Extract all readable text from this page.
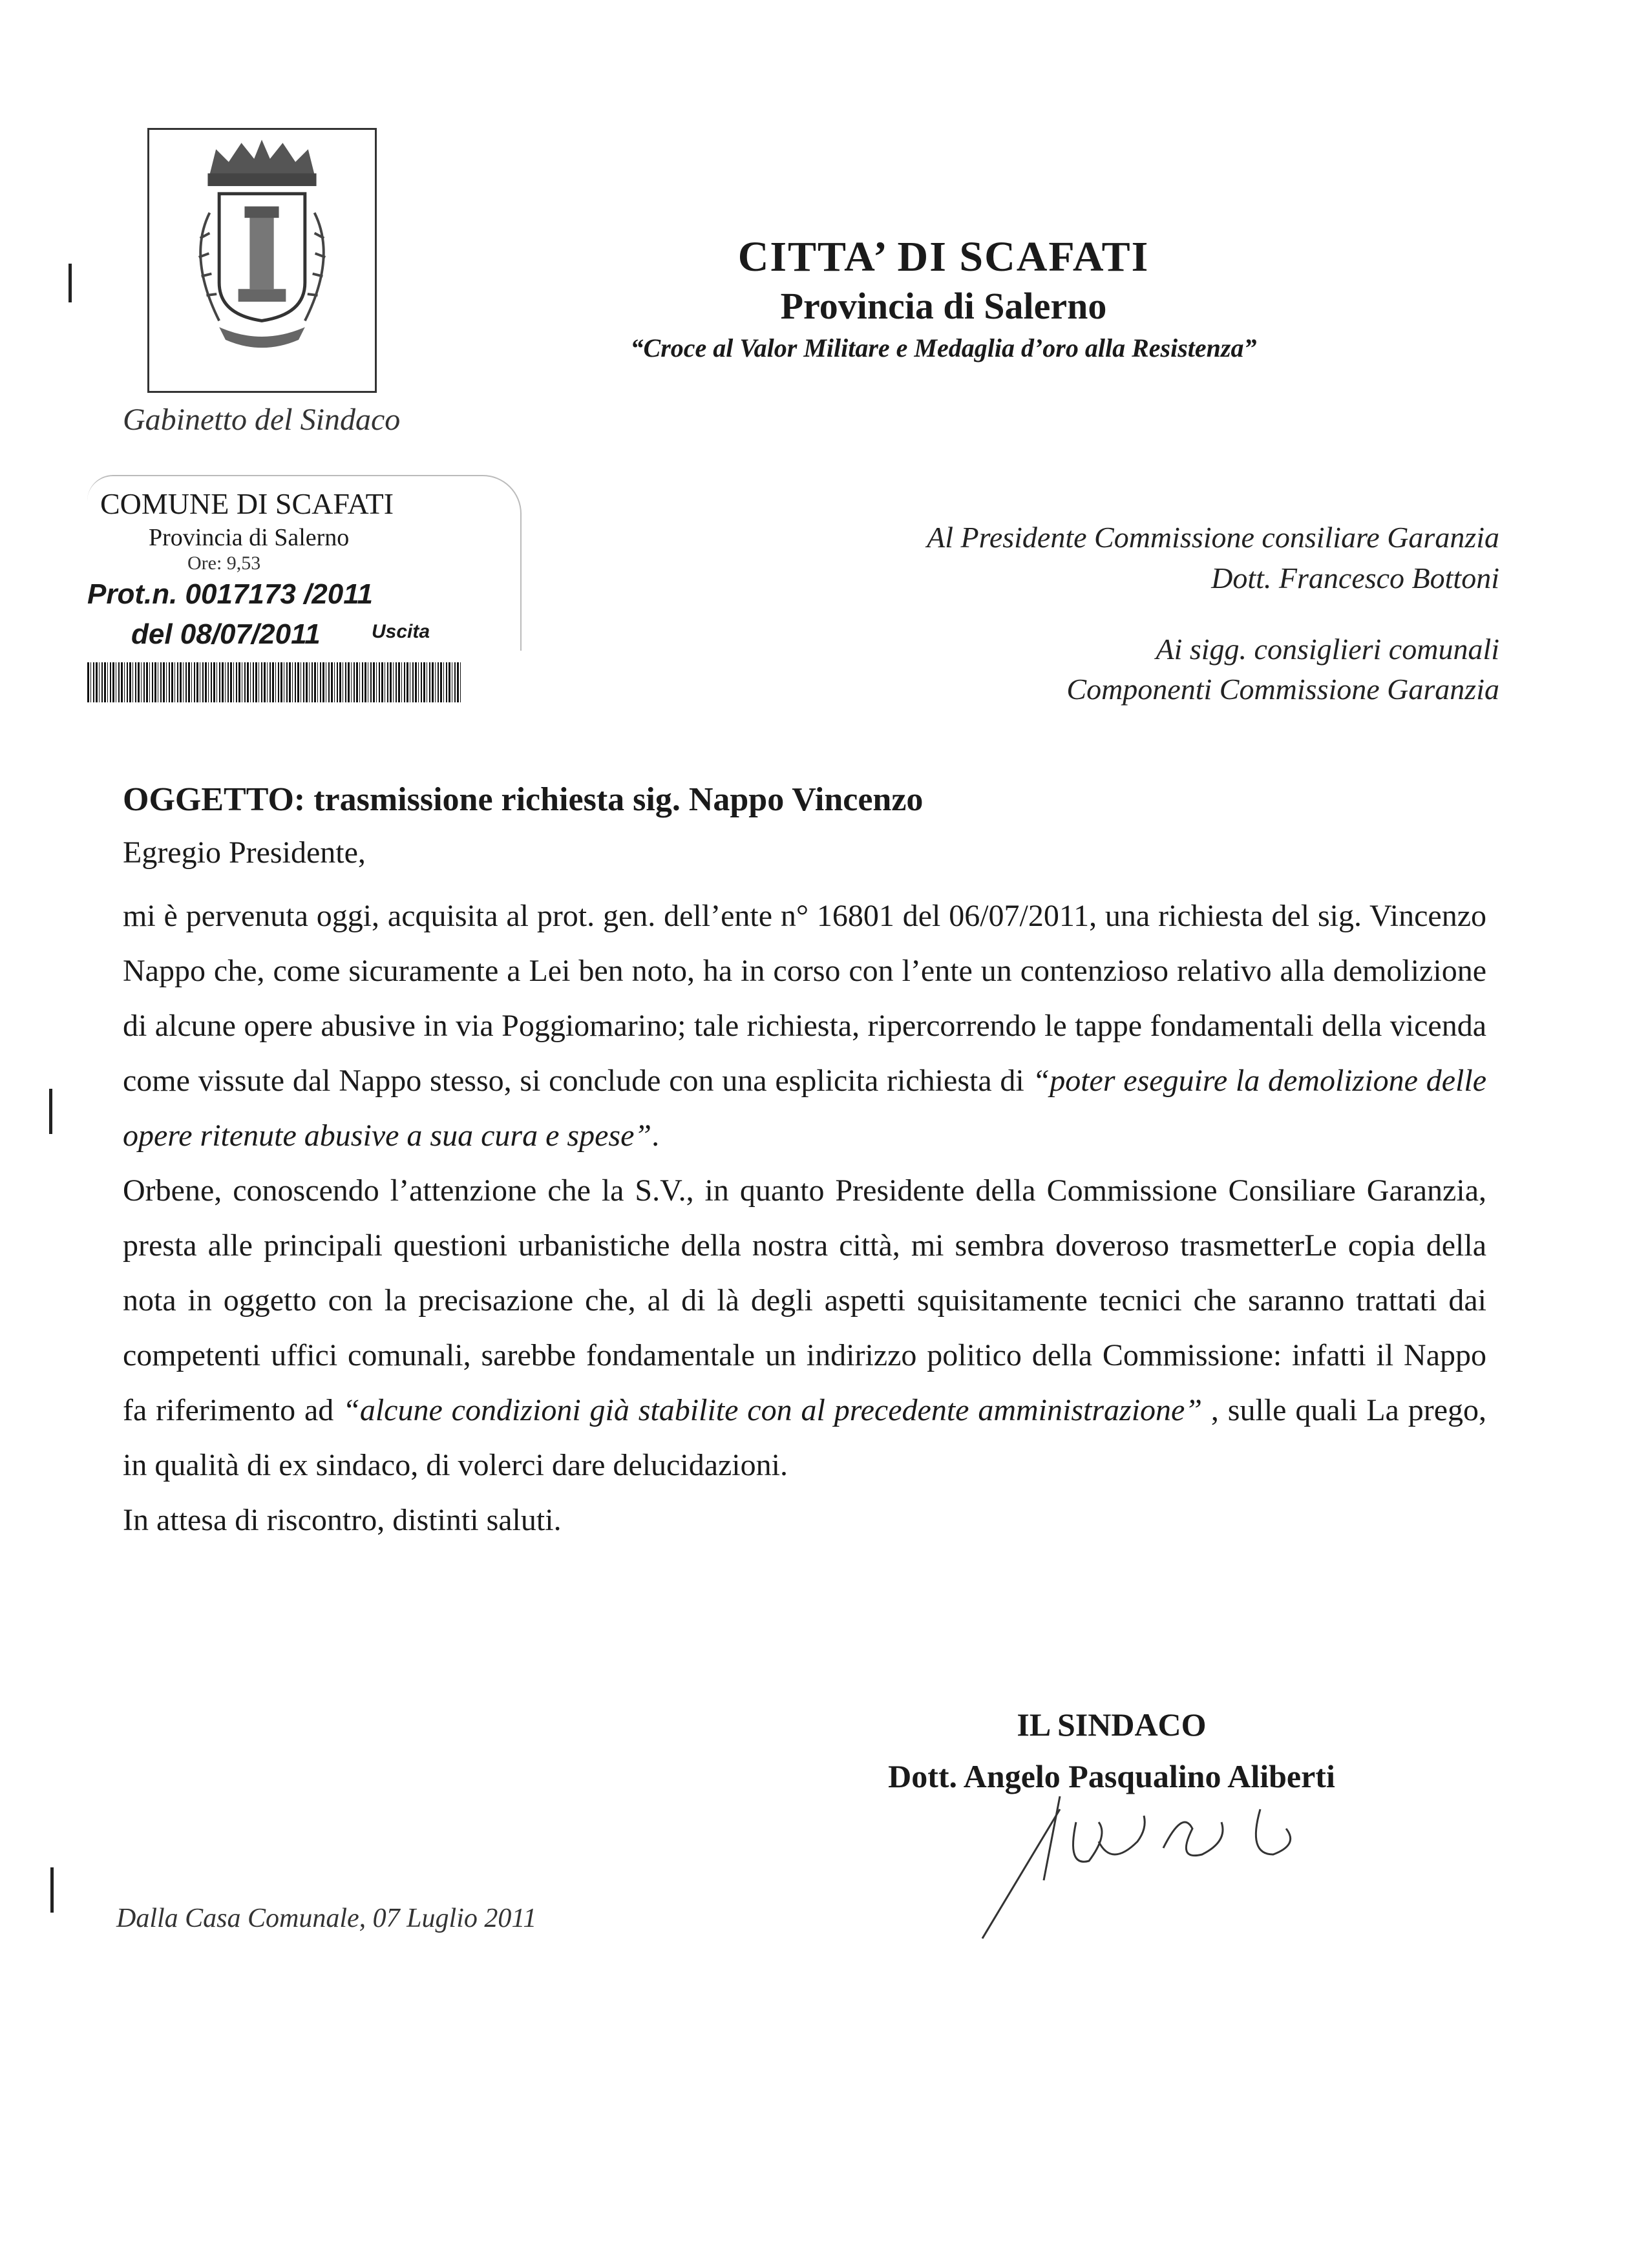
Gabinetto del Sindaco
CITTA’ DI SCAFATI
Provincia di Salerno
“Croce al Valor Militare e Medaglia d’oro alla Resistenza”
COMUNE DI SCAFATI
Provincia di Salerno
Ore: 9,53
Prot.n. 0017173 /2011
del 08/07/2011	Uscita
Al Presidente Commissione consiliare Garanzia
Dott. Francesco Bottoni
Ai sigg. consiglieri comunali
Componenti Commissione Garanzia
OGGETTO: trasmissione richiesta sig. Nappo Vincenzo
Egregio Presidente,

mi è pervenuta oggi, acquisita al prot. gen. dell’ente n° 16801 del 06/07/2011, una richiesta del sig. Vincenzo Nappo che, come sicuramente a Lei ben noto, ha in corso con l’ente un contenzioso relativo alla demolizione di alcune opere abusive in via Poggiomarino; tale richiesta, ripercorrendo le tappe fondamentali della vicenda come vissute dal Nappo stesso, si conclude con una esplicita richiesta di “poter eseguire la demolizione delle opere ritenute abusive a sua cura e spese”.

Orbene, conoscendo l’attenzione che la S.V., in quanto Presidente della Commissione Consiliare Garanzia, presta alle principali questioni urbanistiche della nostra città, mi sembra doveroso trasmetterLe copia della nota in oggetto con la precisazione che, al di là degli aspetti squisitamente tecnici che saranno trattati dai competenti uffici comunali, sarebbe fondamentale un indirizzo politico della Commissione: infatti il Nappo fa riferimento ad “alcune condizioni già stabilite con al precedente amministrazione” , sulle quali La prego, in qualità di ex sindaco, di volerci dare delucidazioni.

In attesa di riscontro, distinti saluti.

IL SINDACO
Dott. Angelo Pasqualino Aliberti
Dalla Casa Comunale, 07 Luglio 2011
